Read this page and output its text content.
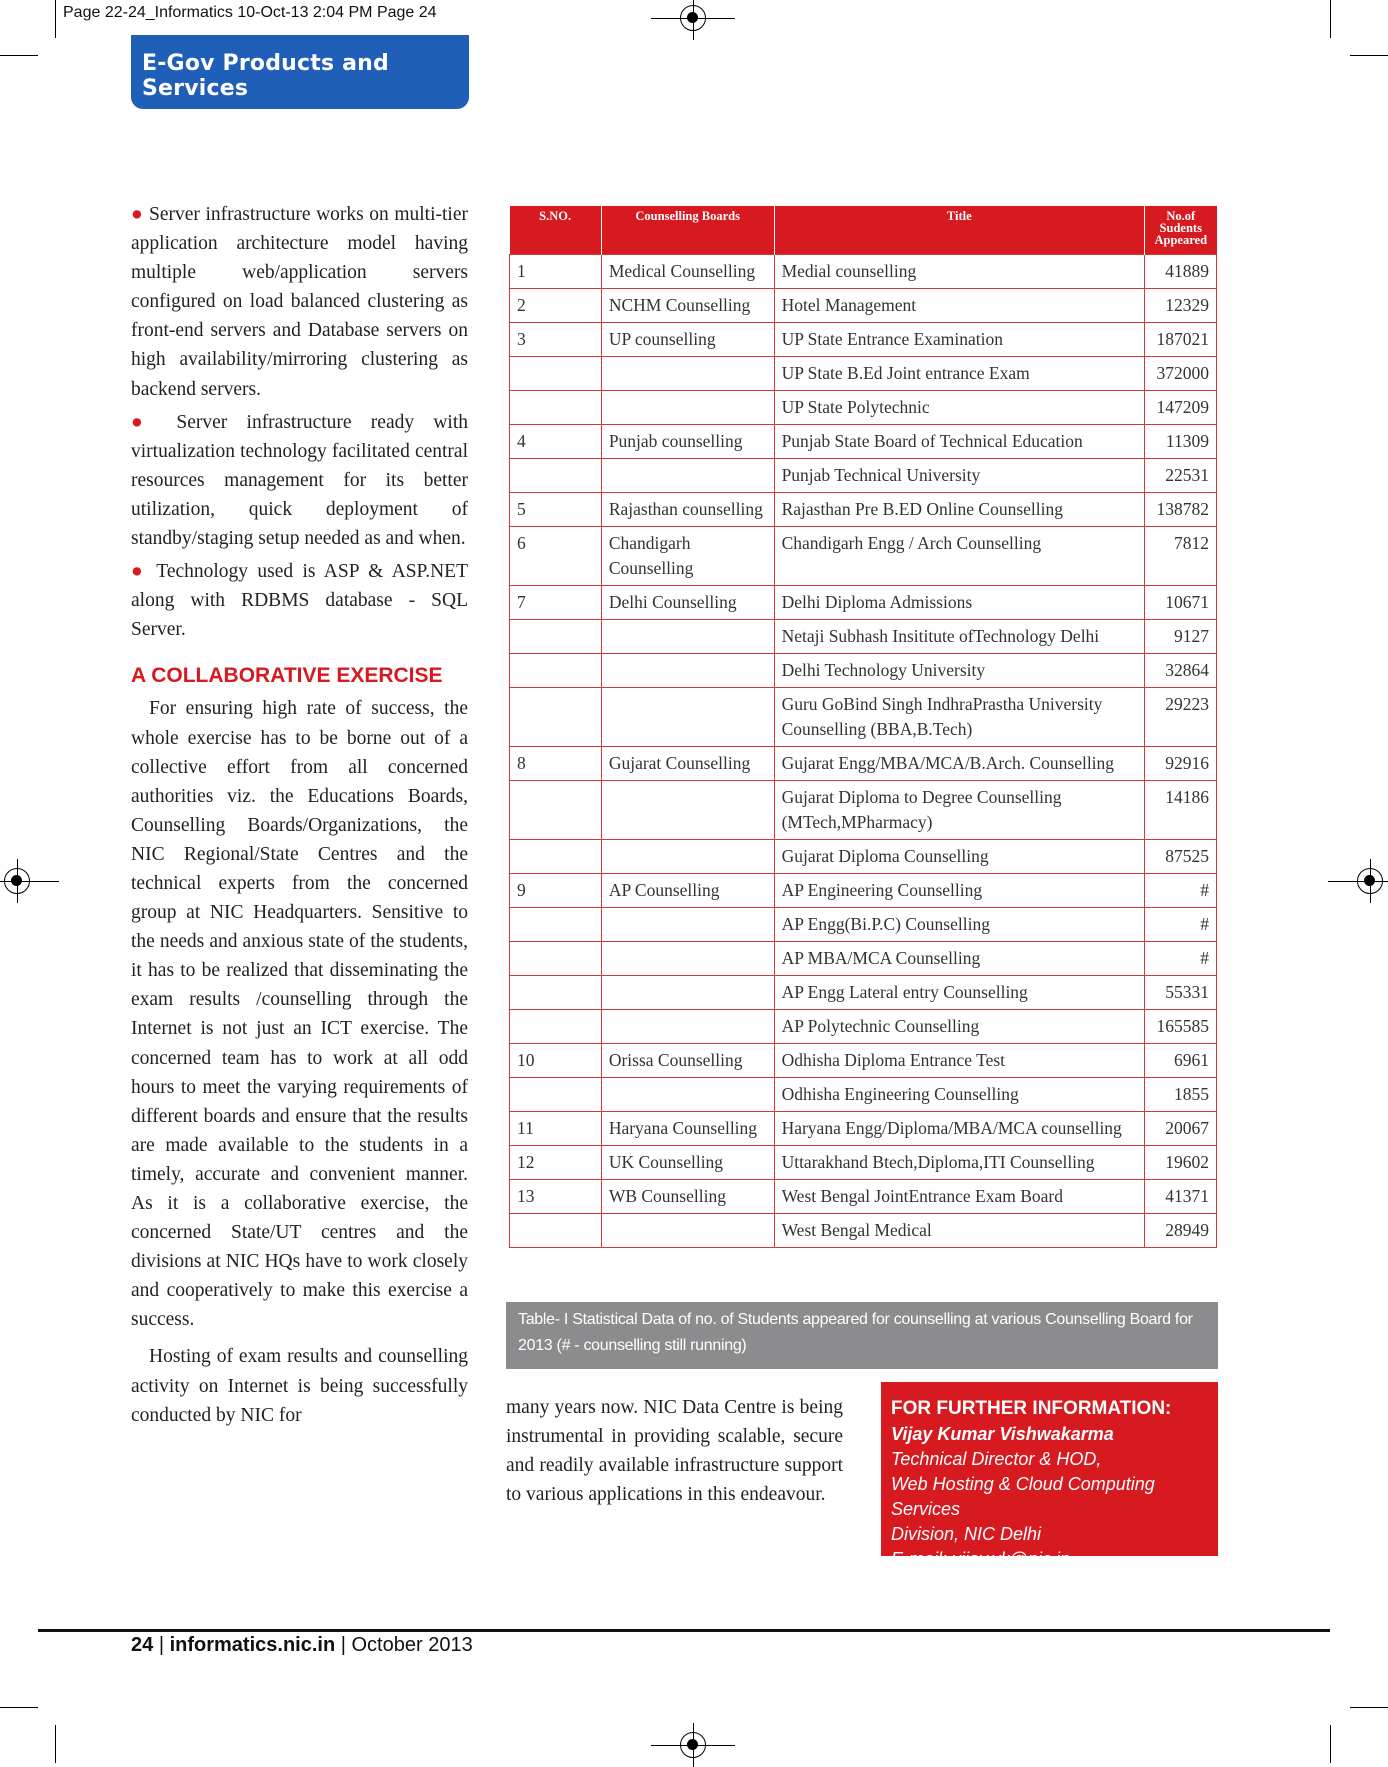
Page 22-24_Informatics 10-Oct-13 2:04 PM Page 24
E-Gov Products and Services

● Server infrastructure works on multi-tier application architecture model having multiple web/application servers configured on load balanced clustering as front-end servers and Database servers on high availability/mirroring clustering as backend servers.

● Server infrastructure ready with virtualization technology facilitated central resources management for its better utilization, quick deployment of standby/staging setup needed as and when.

● Technology used is ASP & ASP.NET along with RDBMS database - SQL Server.

A COLLABORATIVE EXERCISE

For ensuring high rate of success, the whole exercise has to be borne out of a collective effort from all concerned authorities viz. the Educations Boards, Counselling Boards/Organizations, the NIC Regional/State Centres and the technical experts from the concerned group at NIC Headquarters. Sensitive to the needs and anxious state of the students, it has to be realized that disseminating the exam results /counselling through the Internet is not just an ICT exercise. The concerned team has to work at all odd hours to meet the varying requirements of different boards and ensure that the results are made available to the students in a timely, accurate and convenient manner. As it is a collaborative exercise, the concerned State/UT centres and the divisions at NIC HQs have to work closely and cooperatively to make this exercise a success.

Hosting of exam results and counselling activity on Internet is being successfully conducted by NIC for

S.NO.	Counselling Boards	Title	No.of Sudents Appeared
1	Medical Counselling	Medial counselling	41889
2	NCHM Counselling	Hotel Management	12329
3	UP counselling	UP State Entrance Examination	187021
		UP State B.Ed Joint entrance Exam	372000
		UP State Polytechnic	147209
4	Punjab counselling	Punjab State Board of Technical Education	11309
		Punjab Technical University	22531
5	Rajasthan counselling	Rajasthan Pre B.ED Online Counselling	138782
6	Chandigarh Counselling	Chandigarh Engg / Arch Counselling	7812
7	Delhi Counselling	Delhi Diploma Admissions	10671
		Netaji Subhash Insititute ofTechnology Delhi	9127
		Delhi Technology University	32864
		Guru GoBind Singh IndhraPrastha University Counselling (BBA,B.Tech)	29223
8	Gujarat Counselling	Gujarat Engg/MBA/MCA/B.Arch. Counselling	92916
		Gujarat Diploma to Degree Counselling (MTech,MPharmacy)	14186
		Gujarat Diploma Counselling	87525
9	AP Counselling	AP Engineering Counselling	#
		AP Engg(Bi.P.C) Counselling	#
		AP MBA/MCA Counselling	#
		AP Engg Lateral entry Counselling	55331
		AP Polytechnic Counselling	165585
10	Orissa Counselling	Odhisha Diploma Entrance Test	6961
		Odhisha Engineering Counselling	1855
11	Haryana Counselling	Haryana Engg/Diploma/MBA/MCA counselling	20067
12	UK Counselling	Uttarakhand Btech,Diploma,ITI Counselling	19602
13	WB Counselling	West Bengal JointEntrance Exam Board	41371
		West Bengal Medical	28949
Table- I Statistical Data of no. of Students appeared for counselling at various Counselling Board for 2013 (# - counselling still running)

many years now. NIC Data Centre is being instrumental in providing scalable, secure and readily available infrastructure support to various applications in this endeavour.

FOR FURTHER INFORMATION:
Vijay Kumar Vishwakarma
Technical Director & HOD,
Web Hosting & Cloud Computing Services
Division, NIC Delhi
E-mail: vijay.vk@nic.in
24 | informatics.nic.in | October 2013
